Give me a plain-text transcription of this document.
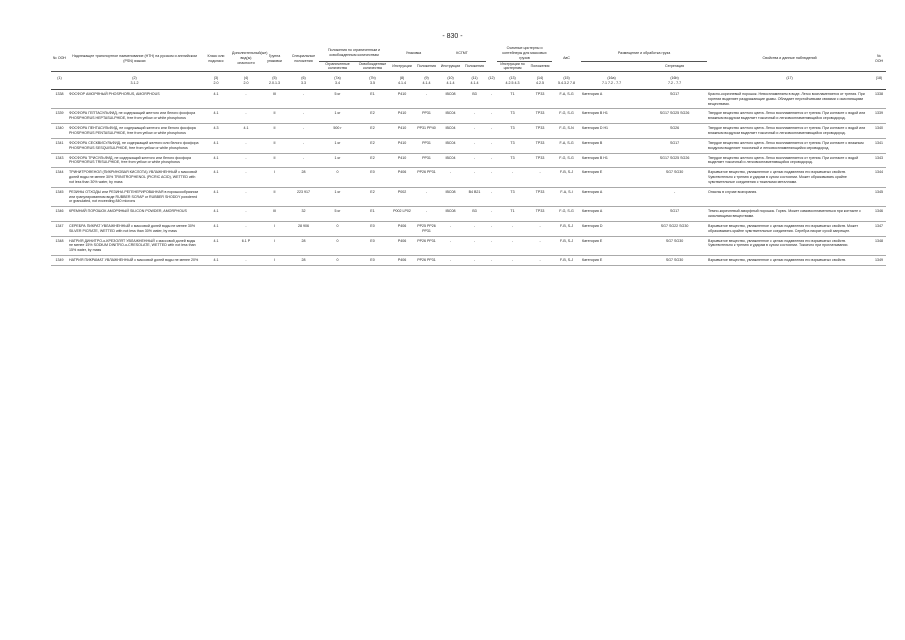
- 830 -
№ ООН	Надлежащее транспортное наименование (НТН) на русском и английском (PSN) языках	Класс или подкласс	Дополнительный(ые) вид(ы) опасности	Группа упаковки	Специальные положения	Положения по ограниченным и освобожденным количествам		Упаковка		КСГМГ			Съемные цистерны и контейнеры для массовых грузов		АвС	Размещение и обработка груза		Свойства и данные наблюдений	№ ООН
						Ограниченные количества	Освобожденные количества	Инструкции	Положения	Инструкции	Положения		Инструкции по цистернам	Положения			Сегрегация		
(1)	(2)	(3)	(4)	(5)	(6)	(7a)	(7b)	(8)	(9)	(10)	(11)	(12)	(13)	(14)	(15)	(16a)	(16b)	(17)	(18)
	3.1.2	2.0	2.0	2.0.1.3	3.3	3.4	3.5	4.1.4	4.1.4	4.1.4	4.1.4		4.2.5 4.3	4.2.5	5.4.3.2 7.8	7.1 7.2 - 7.7	7.2 - 7.7		
1338	ФОСФОР АМОРФНЫЙ PHOSPHORUS, AMORPHOUS	4.1	-	III	-	5 кг	E1	P410	-	IBC08	B3	-	T1	TP33	F-A, S-G	Категория A	SG17	Красно-коричневый порошок. Невоспламеняем в воде. Легко воспламеняется от трения. При горении выделяет раздражающие дымы. Обладает неустойчивыми связями с окисляющими веществами.	1338
1339	ФОСФОРА ГЕПТАСУЛЬФИД, не содержащий желтого или белого фосфора PHOSPHORUS HEPTASULPHIDE, free from yellow or white phosphorus	4.1	-	II	-	1 кг	E2	P410	PP31	IBC04	-	-	T3	TP33	F-G, S-G	Категория B H1	SG17 SG25 SG26	Твердое вещество желтого цвета. Легко воспламеняется от трения. При контакте с водой или влажным воздухом выделяет токсичный и легковоспламеняющийся сероводород.	1339
1340	ФОСФОРА ПЕНТАСУЛЬФИД, не содержащий желтого или белого фосфора PHOSPHORUS PENTASULPHIDE, free from yellow or white phosphorus	4.3	4.1	II	-	500 г	E2	P410	PP31 PP40	IBC04	-	-	T3	TP33	F-G, S-N	Категория D H1	SG26	Твердое вещество желтого цвета. Легко воспламеняется от трения. При контакте с водой или влажным воздухом выделяет токсичный и легковоспламеняющийся сероводород.	1340
1341	ФОСФОРА СЕСКВИСУЛЬФИД, не содержащий желтого или белого фосфора PHOSPHORUS SESQUISULPHIDE, free from yellow or white phosphorus	4.1	-	II	-	1 кг	E2	P410	PP31	IBC04	-	-	T3	TP33	F-A, S-G	Категория B	SG17	Твердое вещество желтого цвета. Легко воспламеняется от трения. При контакте с влажным воздухом выделяет токсичный и легковоспламеняющийся сероводород.	1341
1343	ФОСФОРА ТРИСУЛЬФИД, не содержащий желтого или белого фосфора PHOSPHORUS TRISULPHIDE, free from yellow or white phosphorus	4.1	-	II	-	1 кг	E2	P410	PP31	IBC04	-	-	T3	TP33	F-G, S-G	Категория B H1	SG17 SG25 SG26	Твердое вещество желтого цвета. Легко воспламеняется от трения. При контакте с водой выделяет токсичный и легковоспламеняющийся сероводород.	1343
1344	ТРИНИТРОФЕНОЛ (ПИКРИНОВАЯ КИСЛОТА) УВЛАЖНЕННЫЙ с массовой долей воды не менее 30% TRINITROPHENOL (PICRIC ACID), WETTED with not less than 30% water, by mass	4.1	-	I	28	0	E0	P406	PP26 PP31	-	-	-	-	-	F-B, S-J	Категория E	SG7 SG30	Взрывчатое вещество, увлажненное с целью подавления его взрывчатых свойств. Чувствительно к трению и ударам в сухом состоянии. Может образовывать крайне чувствительные соединения с тяжелыми металлами.	1344
1345	РЕЗИНЫ ОТХОДЫ или РЕЗИНА РЕГЕНЕРИРОВАННАЯ в порошкообразном или гранулированном виде RUBBER SCRAP or RUBBER SHODDY powdered or granulated, not exceeding 840 microns	4.1	-	II	223 917	1 кг	E2	P002	-	IBC08	B4 B21	-	T3	TP33	F-A, S-I	Категория A	-	Опасны в случае возгорания.	1345
1346	КРЕМНИЙ ПОРОШОК АМОРФНЫЙ SILICON POWDER, AMORPHOUS	4.1	-	III	32	5 кг	E1	P002 LP02	-	IBC08	B3	-	T1	TP33	F-G, S-G	Категория A	SG17	Темно-коричневый аморфный порошок. Горюч. Может самовоспламеняться при контакте с окисляющими веществами.	1346
1347	СЕРЕБРА ПИКРАТ УВЛАЖНЕННЫЙ с массовой долей воды не менее 30% SILVER PICRATE, WETTED with not less than 30% water, by mass	4.1	-	I	28 906	0	E0	P406	PP25 PP26 PP31	-	-	-	-	-	F-B, S-J	Категория D	SG7 SG22 SG30	Взрывчатое вещество, увлажненное с целью подавления его взрывчатых свойств. Может образовывать крайне чувствительные соединения. Серебра пикрат сухой запрещен.	1347
1348	НАТРИЯ ДИНИТРО-о-КРЕЗОЛЯТ УВЛАЖНЕННЫЙ с массовой долей воды не менее 15% SODIUM DINITRO-o-CRESOLATE, WETTED with not less than 15% water, by mass	4.1	6.1 P	I	28	0	E0	P406	PP26 PP31	-	-	-	-	-	F-B, S-J	Категория E	SG7 SG30	Взрывчатое вещество, увлажненное с целью подавления его взрывчатых свойств. Чувствительно к трению и ударам в сухом состоянии. Токсично при проглатывании.	1348
1349	НАТРИЯ ПИКРАМАТ УВЛАЖНЕННЫЙ с массовой долей воды не менее 20%	4.1	-	I	28	0	E0	P406	PP26 PP31	-	-	-	-	-	F-B, S-J	Категория E	SG7 SG30	Взрывчатое вещество, увлажненное с целью подавления его взрывчатых свойств.	1349
